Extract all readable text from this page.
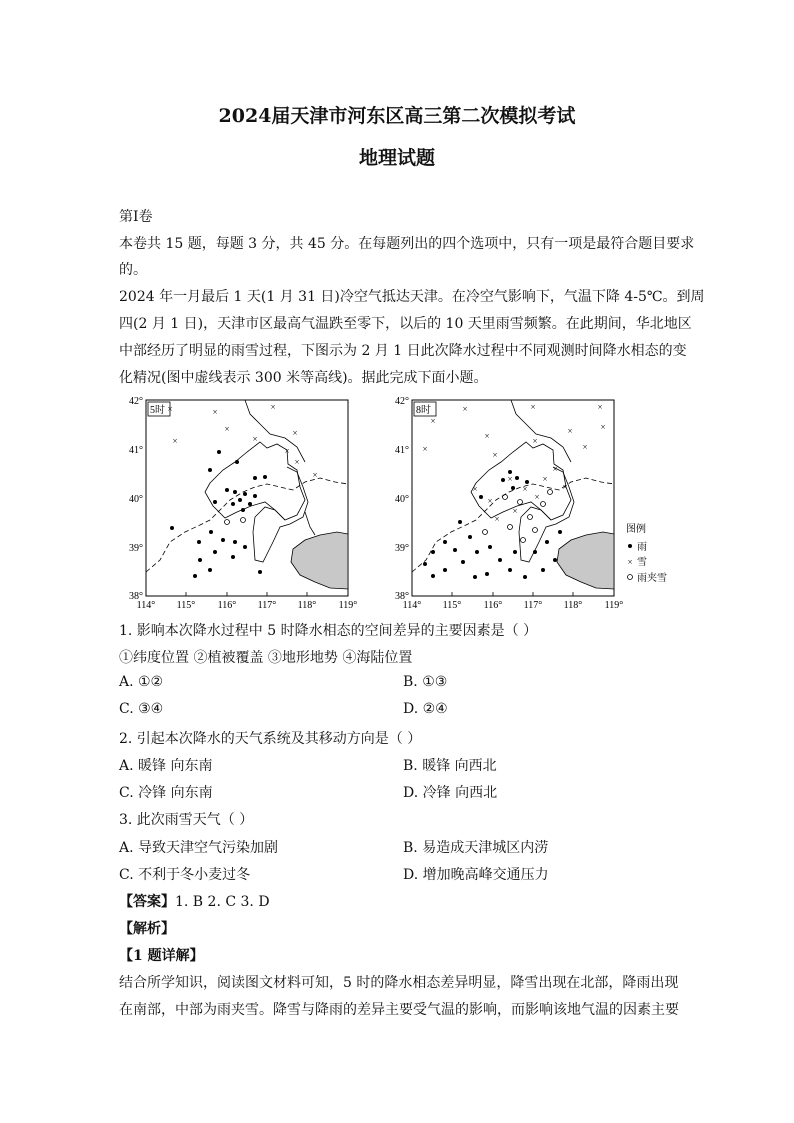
2024届天津市河东区高三第二次模拟考试
地理试题
第I卷
本卷共 15 题，每题 3 分，共 45 分。在每题列出的四个选项中，只有一项是最符合题目要求
的。
2024 年一月最后 1 天(1 月 31 日)冷空气抵达天津。在冷空气影响下，气温下降 4-5℃。到周
四(2 月 1 日)，天津市区最高气温跌至零下，以后的 10 天里雨雪频繁。在此期间，华北地区
中部经历了明显的雨雪过程，下图示为 2 月 1 日此次降水过程中不同观测时间降水相态的变
化精况(图中虚线表示 300 米等高线)。据此完成下面小题。
5时 ×	×	×
×
×	×
×
×
×
×
8时
×
×	×	×
×
×	×
×
×
×
×
×
×
×
×	×
×
×
×
×
×
42°
41°
40°
39°
38°
42°
41°
40°
39°
38°
114° 115° 116° 117° 118° 119°	114° 115° 116° 117° 118° 119°
图例
雨
× 雪
雨夹雪
1. 影响本次降水过程中 5 时降水相态的空间差异的主要因素是（ ）
①纬度位置 ②植被覆盖 ③地形地势 ④海陆位置
A. ①②	B. ①③
C. ③④	D. ②④
2. 引起本次降水的天气系统及其移动方向是（ ）
A. 暖锋 向东南	B. 暖锋 向西北
C. 冷锋 向东南	D. 冷锋 向西北
3. 此次雨雪天气（ ）
A. 导致天津空气污染加剧	B. 易造成天津城区内涝
C. 不利于冬小麦过冬	D. 增加晚高峰交通压力
【答案】1. B 2. C 3. D
【解析】
【1 题详解】
结合所学知识，阅读图文材料可知，5 时的降水相态差异明显，降雪出现在北部，降雨出现
在南部，中部为雨夹雪。降雪与降雨的差异主要受气温的影响，而影响该地气温的因素主要
